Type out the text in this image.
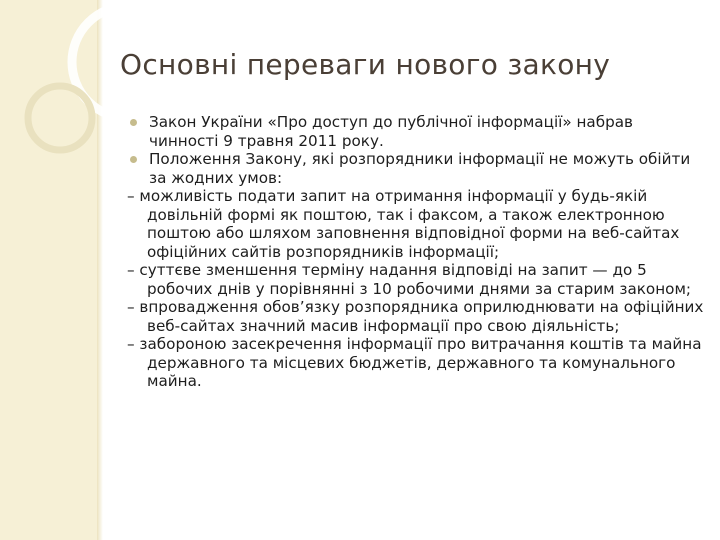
Основні переваги нового закону
Закон України «Про доступ до публічної інформації» набрав чинності 9 травня 2011 року.
Положення Закону, які розпорядники інформації не можуть обійти за жодних умов:
– можливість подати запит на отримання інформації у будь-якій довільній формі як поштою, так і факсом, а також електронною поштою або шляхом заповнення відповідної форми на веб-сайтах офіційних сайтів розпорядників інформації;
– суттєве зменшення терміну надання відповіді на запит — до 5 робочих днів у порівнянні з 10 робочими днями за старим законом;
– впровадження обов’язку розпорядника оприлюднювати на офіційних веб-сайтах значний масив інформації про свою діяльність;
– забороною засекречення інформації про витрачання коштів та майна державного та місцевих бюджетів, державного та комунального майна.
